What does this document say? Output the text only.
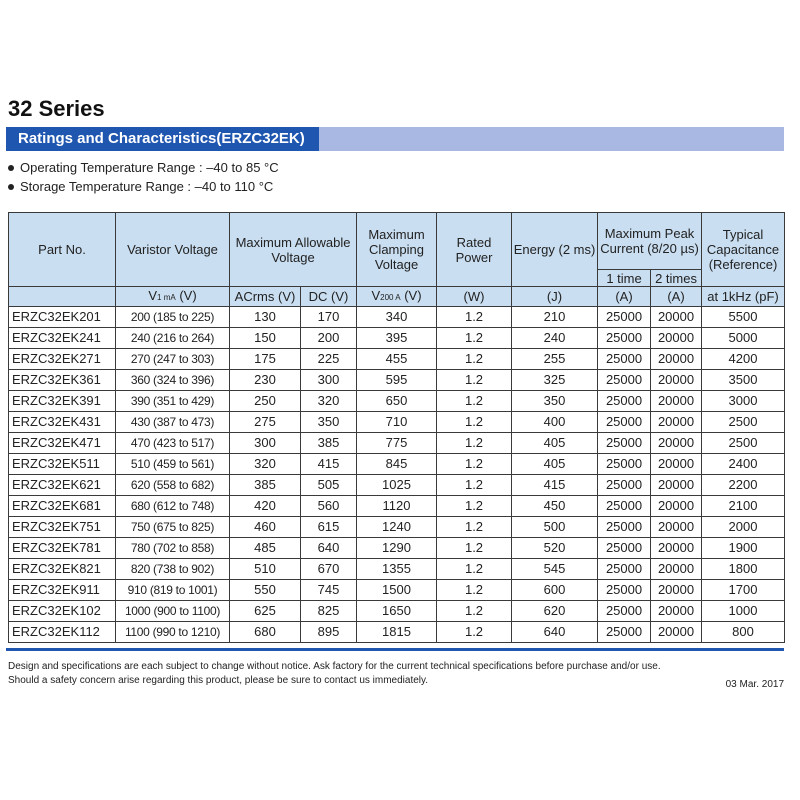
32 Series
Ratings and Characteristics(ERZC32EK)
Operating Temperature Range : –40 to 85 °C
Storage Temperature Range : –40 to 110 °C
Part No.	Varistor Voltage	Maximum Allowable Voltage		Maximum Clamping Voltage	Rated Power	Energy (2 ms)	Maximum Peak Current (8/20 µs)		Typical Capacitance (Reference)
							1 time	2 times	
	V1 mA (V)	ACrms (V)	DC (V)	V200 A (V)	(W)	(J)	(A)	(A)	at 1kHz (pF)
ERZC32EK201	200 (185 to 225)	130	170	340	1.2	210	25000	20000	5500
ERZC32EK241	240 (216 to 264)	150	200	395	1.2	240	25000	20000	5000
ERZC32EK271	270 (247 to 303)	175	225	455	1.2	255	25000	20000	4200
ERZC32EK361	360 (324 to 396)	230	300	595	1.2	325	25000	20000	3500
ERZC32EK391	390 (351 to 429)	250	320	650	1.2	350	25000	20000	3000
ERZC32EK431	430 (387 to 473)	275	350	710	1.2	400	25000	20000	2500
ERZC32EK471	470 (423 to 517)	300	385	775	1.2	405	25000	20000	2500
ERZC32EK511	510 (459 to 561)	320	415	845	1.2	405	25000	20000	2400
ERZC32EK621	620 (558 to 682)	385	505	1025	1.2	415	25000	20000	2200
ERZC32EK681	680 (612 to 748)	420	560	1120	1.2	450	25000	20000	2100
ERZC32EK751	750 (675 to 825)	460	615	1240	1.2	500	25000	20000	2000
ERZC32EK781	780 (702 to 858)	485	640	1290	1.2	520	25000	20000	1900
ERZC32EK821	820 (738 to 902)	510	670	1355	1.2	545	25000	20000	1800
ERZC32EK911	910 (819 to 1001)	550	745	1500	1.2	600	25000	20000	1700
ERZC32EK102	1000 (900 to 1100)	625	825	1650	1.2	620	25000	20000	1000
ERZC32EK112	1100 (990 to 1210)	680	895	1815	1.2	640	25000	20000	800
Design and specifications are each subject to change without notice. Ask factory for the current technical specifications before purchase and/or use.
Should a safety concern arise regarding this product, please be sure to contact us immediately.	03 Mar. 2017
